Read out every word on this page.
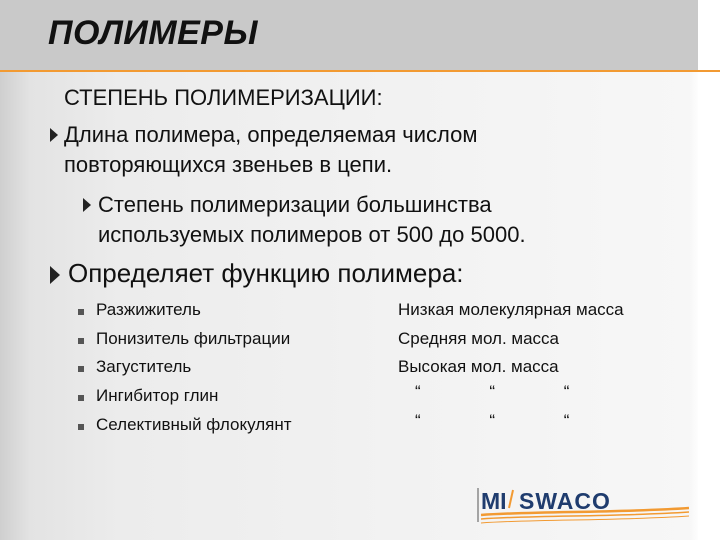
ПОЛИМЕРЫ
СТЕПЕНЬ ПОЛИМЕРИЗАЦИИ:
Длина полимера, определяемая числом
повторяющихся звеньев в цепи.
Степень полимеризации большинства
используемых полимеров от 500 до 5000.
Определяет функцию полимера:
Разжижитель	Низкая молекулярная масса
Понизитель фильтрации	Средняя мол. масса
Загуститель	Высокая мол. масса
Ингибитор глин	“ “ “
Селективный флокулянт	“ “ “
MI SWACO
